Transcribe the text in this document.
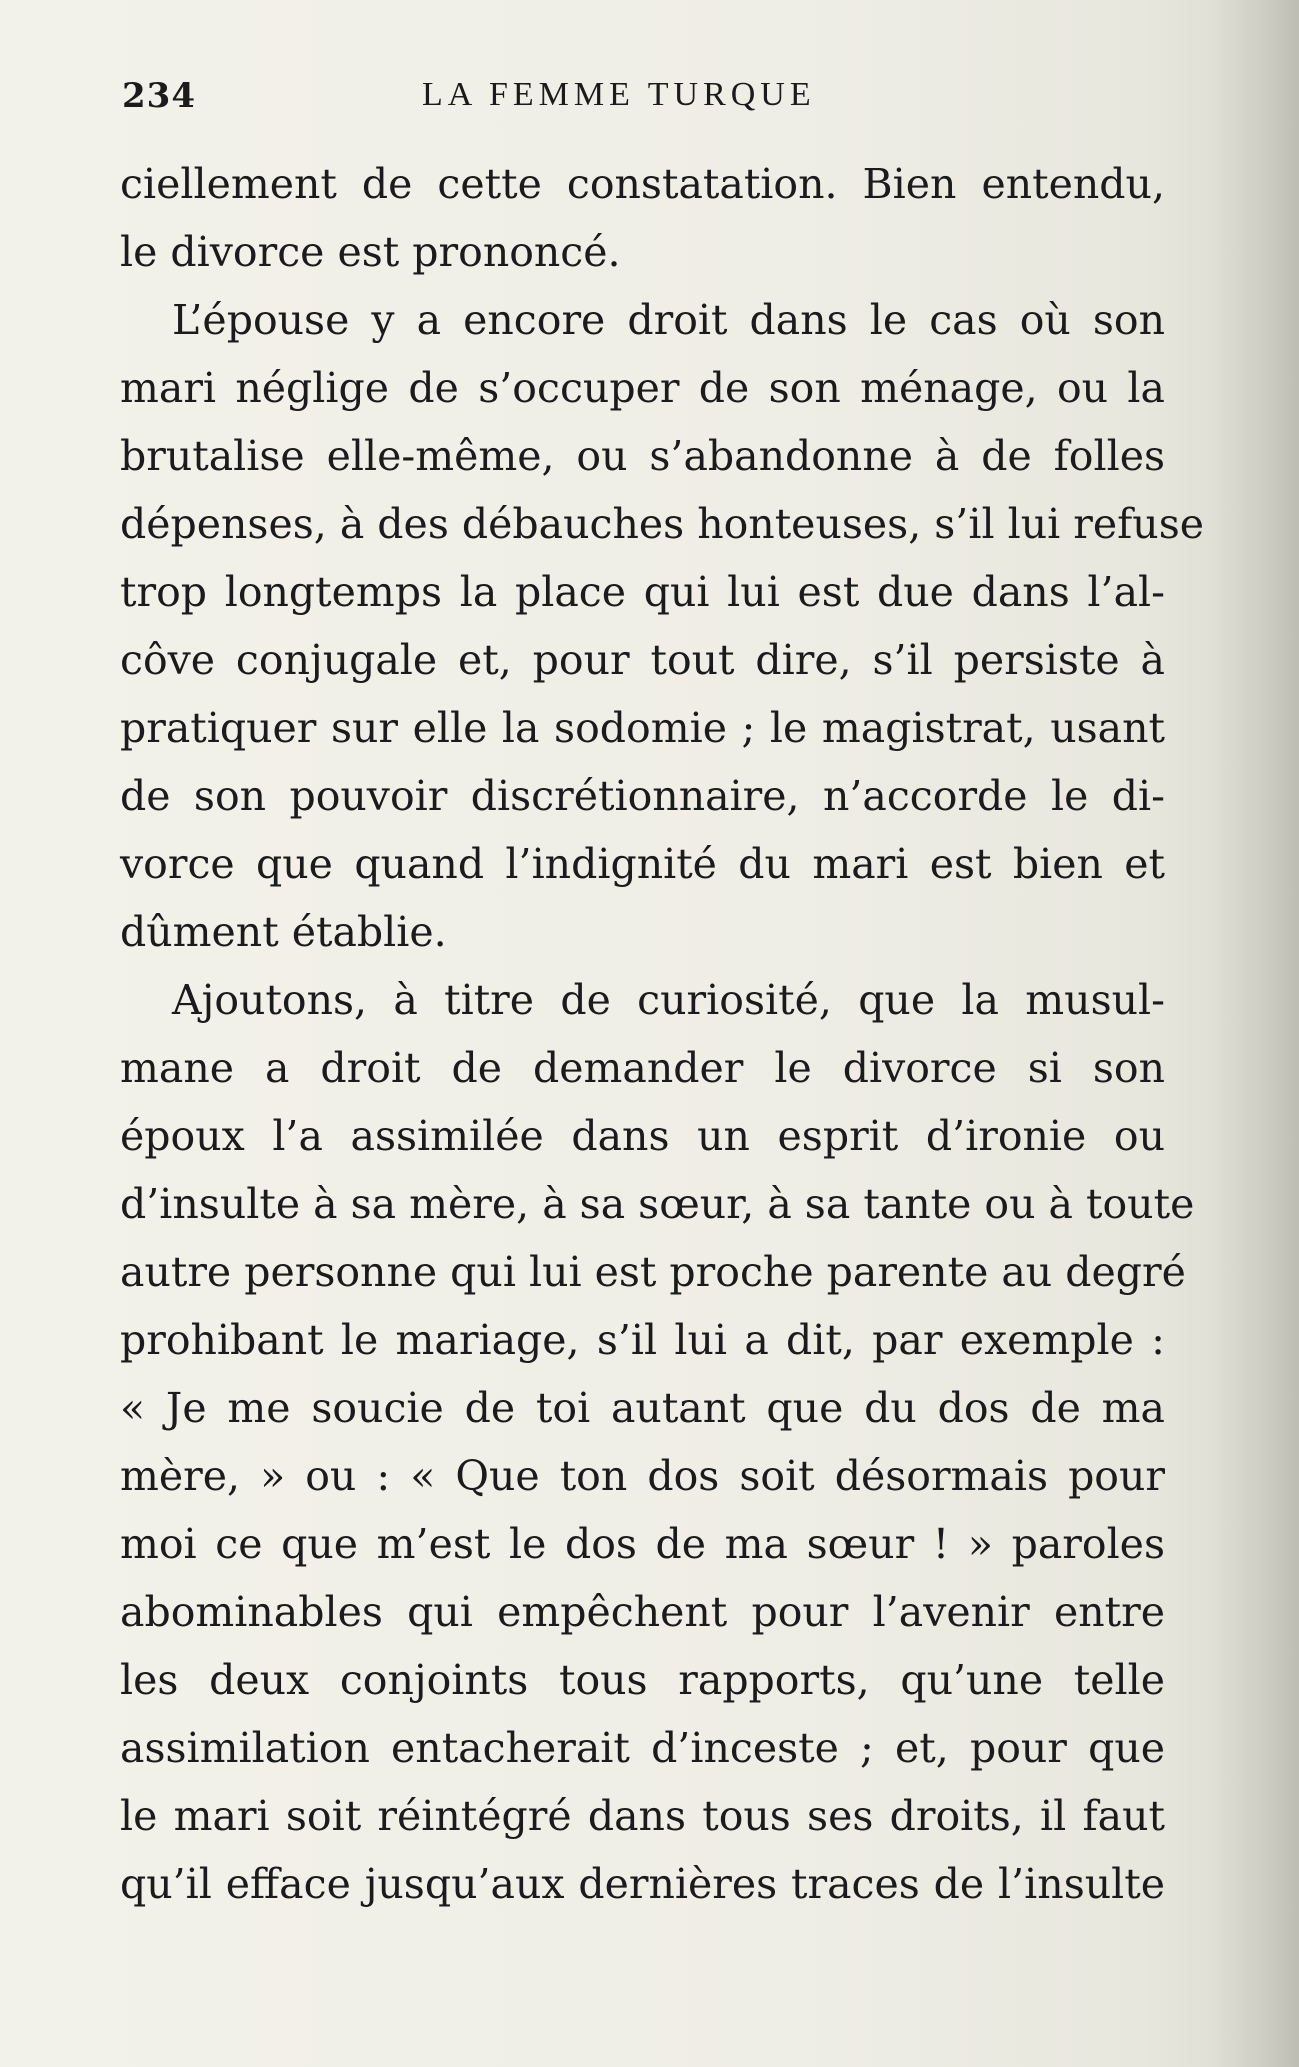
234	LA FEMME TURQUE
ciellement de cette constatation. Bien entendu,
le divorce est prononcé.
L’épouse y a encore droit dans le cas où son
mari néglige de s’occuper de son ménage, ou la
brutalise elle-même, ou s’abandonne à de folles
dépenses, à des débauches honteuses, s’il lui refuse
trop longtemps la place qui lui est due dans l’al-
côve conjugale et, pour tout dire, s’il persiste à
pratiquer sur elle la sodomie ; le magistrat, usant
de son pouvoir discrétionnaire, n’accorde le di-
vorce que quand l’indignité du mari est bien et
dûment établie.
Ajoutons, à titre de curiosité, que la musul-
mane a droit de demander le divorce si son
époux l’a assimilée dans un esprit d’ironie ou
d’insulte à sa mère, à sa sœur, à sa tante ou à toute
autre personne qui lui est proche parente au degré
prohibant le mariage, s’il lui a dit, par exemple :
« Je me soucie de toi autant que du dos de ma
mère, » ou : « Que ton dos soit désormais pour
moi ce que m’est le dos de ma sœur ! » paroles
abominables qui empêchent pour l’avenir entre
les deux conjoints tous rapports, qu’une telle
assimilation entacherait d’inceste ; et, pour que
le mari soit réintégré dans tous ses droits, il faut
qu’il efface jusqu’aux dernières traces de l’insulte
